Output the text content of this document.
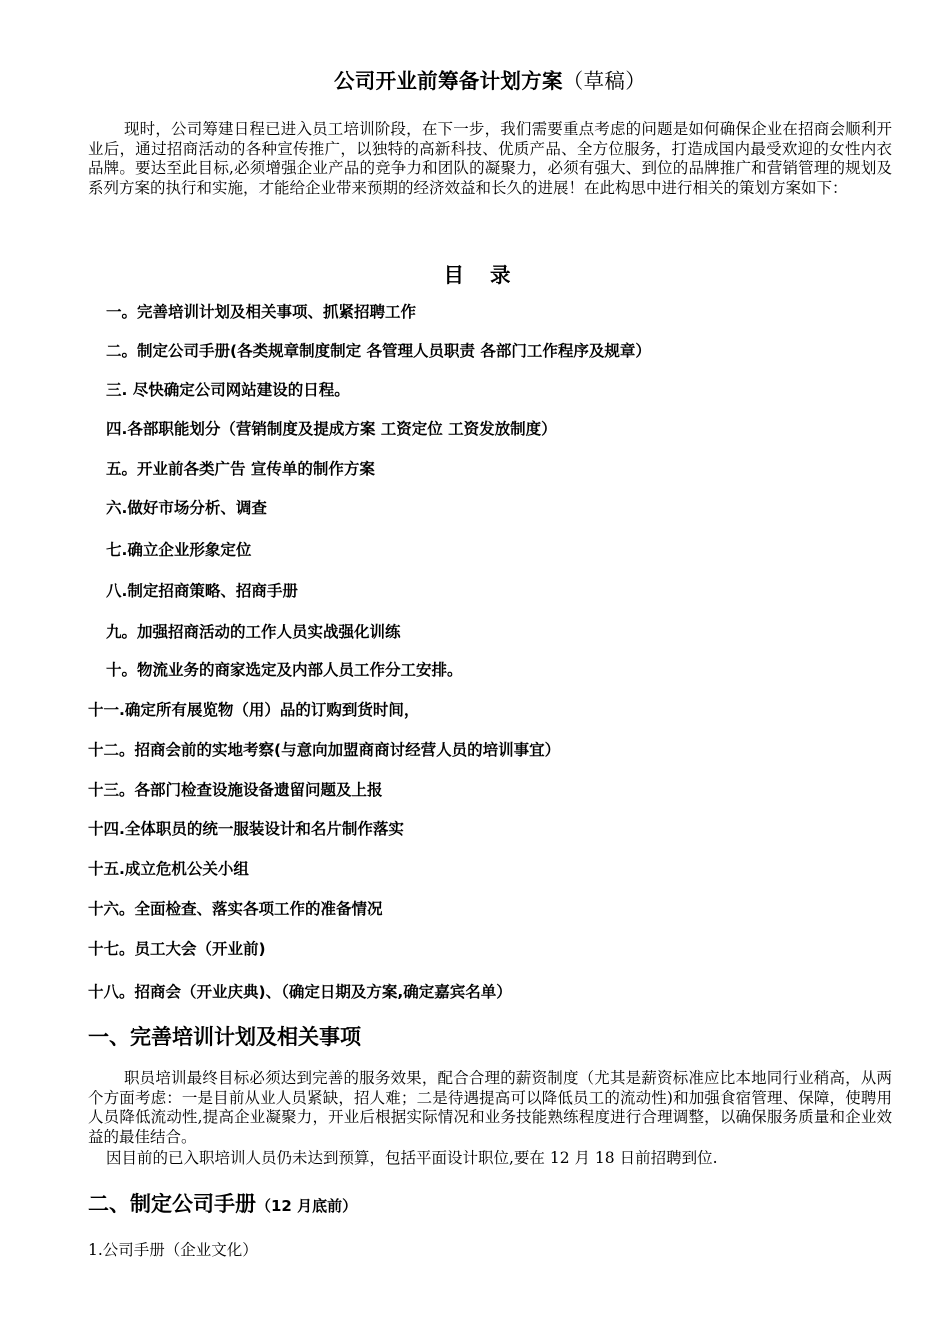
公司开业前筹备计划方案（草稿）
现时，公司筹建日程已进入员工培训阶段，在下一步，我们需要重点考虑的问题是如何确保企业在招商会顺利开业后，通过招商活动的各种宣传推广，以独特的高新科技、优质产品、全方位服务，打造成国内最受欢迎的女性内衣品牌。要达至此目标,必须增强企业产品的竞争力和团队的凝聚力，必须有强大、到位的品牌推广和营销管理的规划及系列方案的执行和实施，才能给企业带来预期的经济效益和长久的进展！在此构思中进行相关的策划方案如下：
目录
一。完善培训计划及相关事项、抓紧招聘工作
二。制定公司手册(各类规章制度制定 各管理人员职责 各部门工作程序及规章）
三. 尽快确定公司网站建设的日程。
四.各部职能划分（营销制度及提成方案 工资定位 工资发放制度）
五。开业前各类广告 宣传单的制作方案
六.做好市场分析、调查
七.确立企业形象定位
八.制定招商策略、招商手册
九。加强招商活动的工作人员实战强化训练
十。物流业务的商家选定及内部人员工作分工安排。
十一.确定所有展览物（用）品的订购到货时间，
十二。招商会前的实地考察(与意向加盟商商讨经营人员的培训事宜）
十三。各部门检查设施设备遗留问题及上报
十四.全体职员的统一服装设计和名片制作落实
十五.成立危机公关小组
十六。全面检查、落实各项工作的准备情况
十七。员工大会（开业前)
十八。招商会（开业庆典)、（确定日期及方案,确定嘉宾名单）
一、完善培训计划及相关事项
职员培训最终目标必须达到完善的服务效果，配合合理的薪资制度（尤其是薪资标准应比本地同行业稍高，从两个方面考虑：一是目前从业人员紧缺，招人难；二是待遇提高可以降低员工的流动性)和加强食宿管理、保障，使聘用人员降低流动性,提高企业凝聚力，开业后根据实际情况和业务技能熟练程度进行合理调整，以确保服务质量和企业效益的最佳结合。
因目前的已入职培训人员仍未达到预算，包括平面设计职位,要在 12 月 18 日前招聘到位.
二、制定公司手册（12 月底前）
1.公司手册（企业文化）
